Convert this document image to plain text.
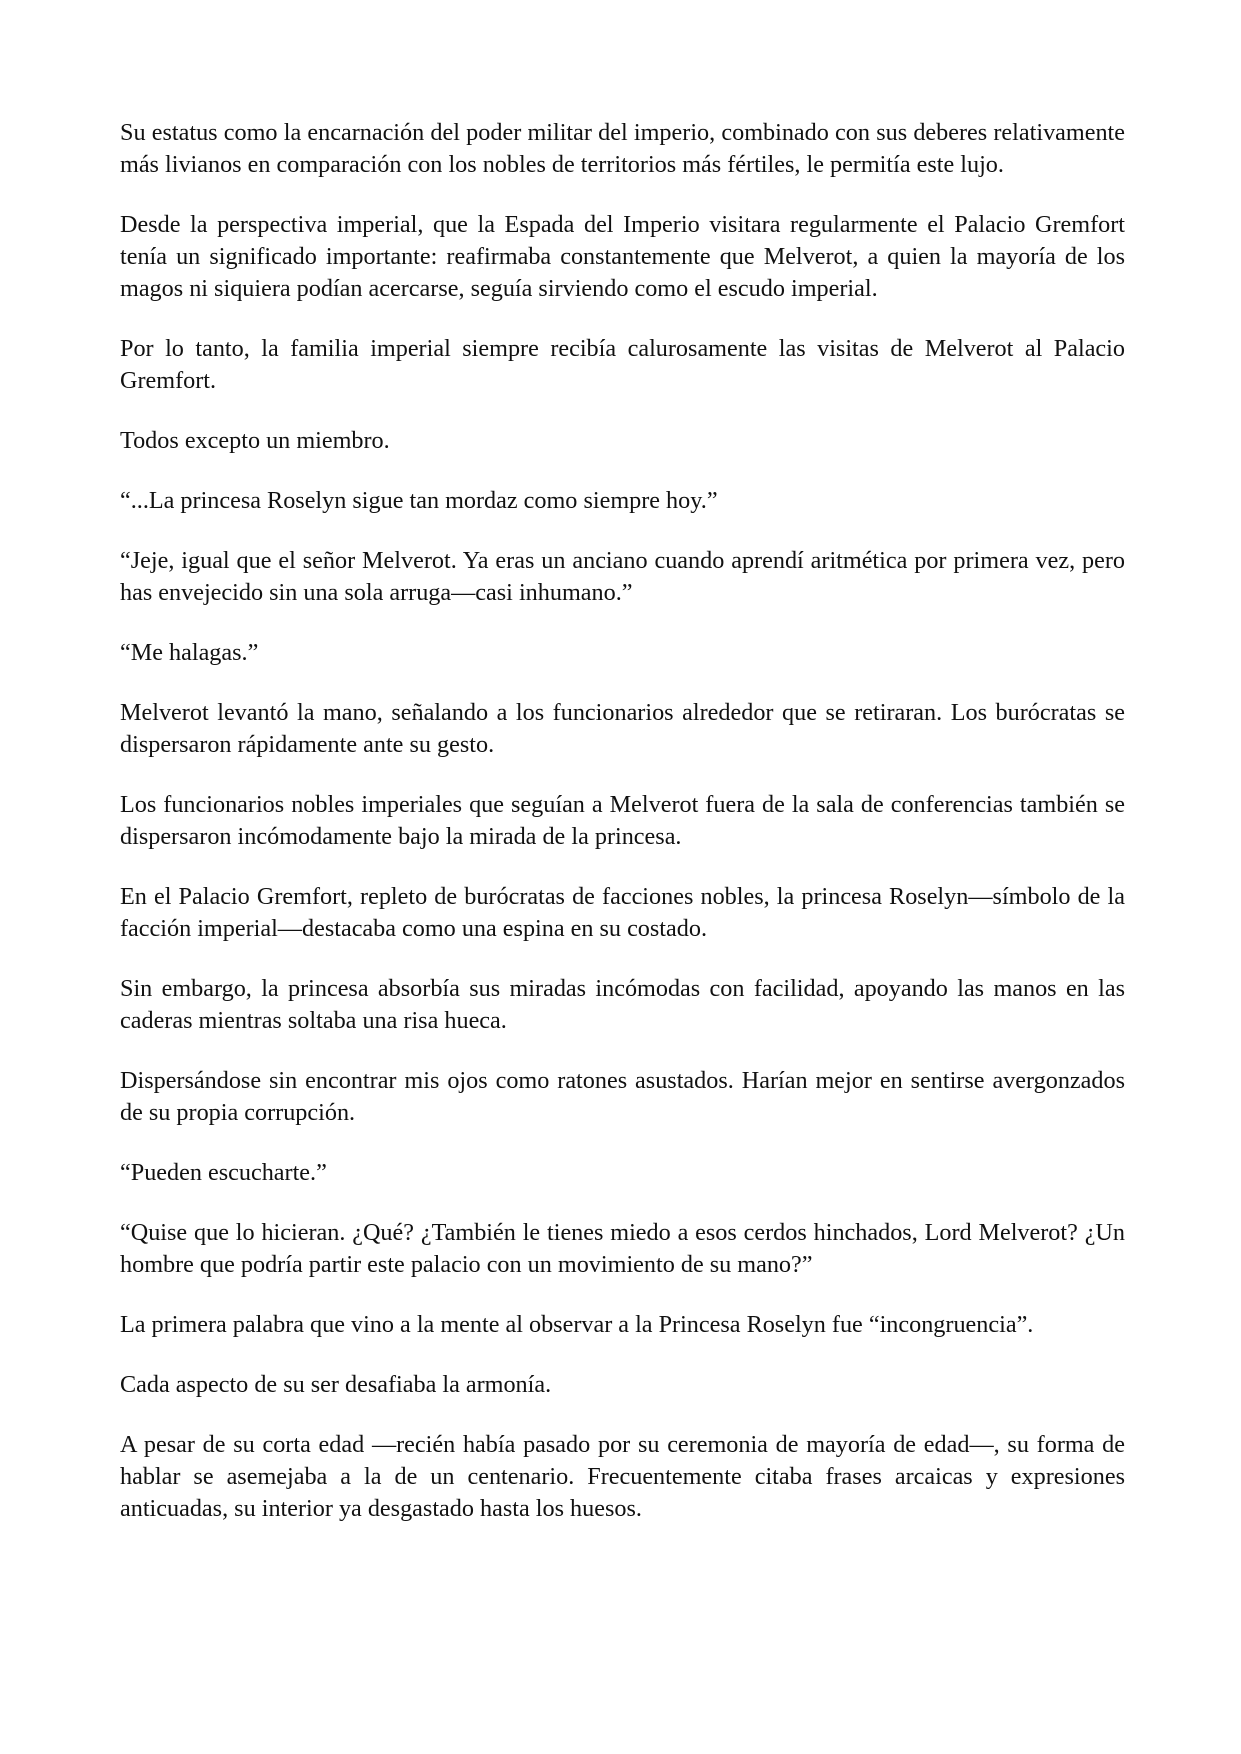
Su estatus como la encarnación del poder militar del imperio, combinado con sus deberes relativamente más livianos en comparación con los nobles de territorios más fértiles, le permitía este lujo.

Desde la perspectiva imperial, que la Espada del Imperio visitara regularmente el Palacio Gremfort tenía un significado importante: reafirmaba constantemente que Melverot, a quien la mayoría de los magos ni siquiera podían acercarse, seguía sirviendo como el escudo imperial.

Por lo tanto, la familia imperial siempre recibía calurosamente las visitas de Melverot al Palacio Gremfort.

Todos excepto un miembro.

“...La princesa Roselyn sigue tan mordaz como siempre hoy.”

“Jeje, igual que el señor Melverot. Ya eras un anciano cuando aprendí aritmética por primera vez, pero has envejecido sin una sola arruga—casi inhumano.”

“Me halagas.”

Melverot levantó la mano, señalando a los funcionarios alrededor que se retiraran. Los burócratas se dispersaron rápidamente ante su gesto.

Los funcionarios nobles imperiales que seguían a Melverot fuera de la sala de conferencias también se dispersaron incómodamente bajo la mirada de la princesa.

En el Palacio Gremfort, repleto de burócratas de facciones nobles, la princesa Roselyn—símbolo de la facción imperial—destacaba como una espina en su costado.

Sin embargo, la princesa absorbía sus miradas incómodas con facilidad, apoyando las manos en las caderas mientras soltaba una risa hueca.

Dispersándose sin encontrar mis ojos como ratones asustados. Harían mejor en sentirse avergonzados de su propia corrupción.

“Pueden escucharte.”

“Quise que lo hicieran. ¿Qué? ¿También le tienes miedo a esos cerdos hinchados, Lord Melverot? ¿Un hombre que podría partir este palacio con un movimiento de su mano?”

La primera palabra que vino a la mente al observar a la Princesa Roselyn fue “incongruencia”.

Cada aspecto de su ser desafiaba la armonía.

A pesar de su corta edad —recién había pasado por su ceremonia de mayoría de edad—, su forma de hablar se asemejaba a la de un centenario. Frecuentemente citaba frases arcaicas y expresiones anticuadas, su interior ya desgastado hasta los huesos.
